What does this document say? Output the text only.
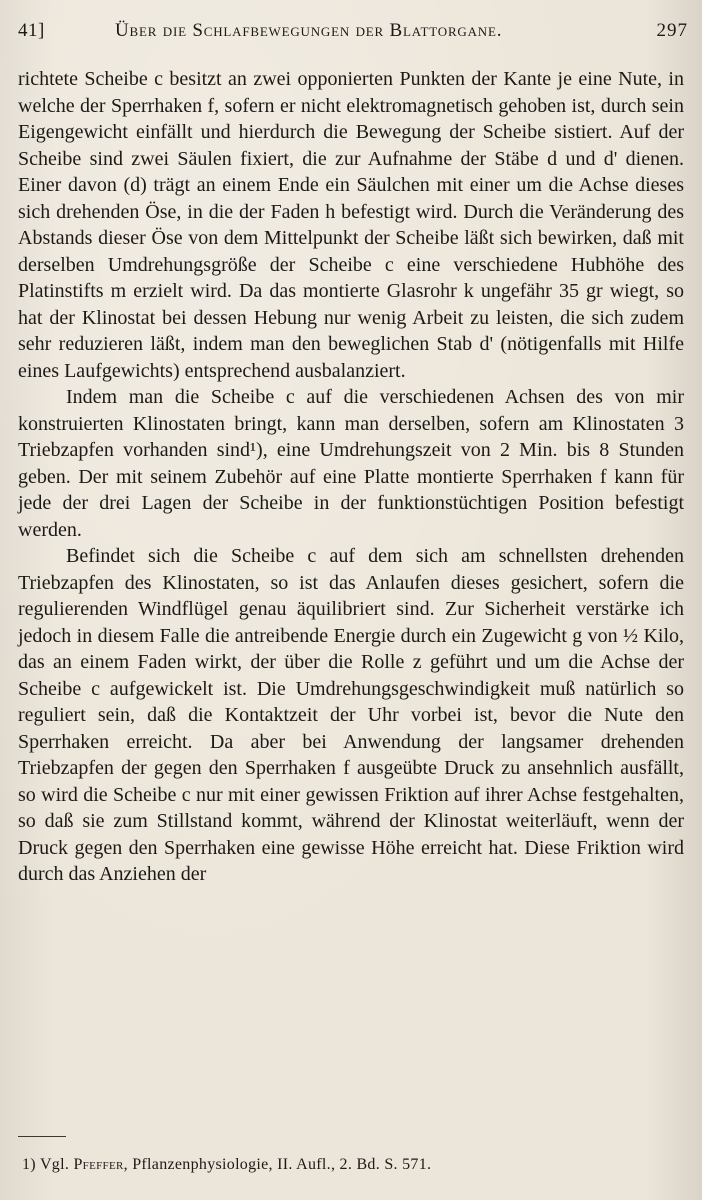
41]	Über die Schlafbewegungen der Blattorgane.	297

richtete Scheibe c besitzt an zwei opponierten Punkten der Kante je eine Nute, in welche der Sperrhaken f, sofern er nicht elektromagnetisch gehoben ist, durch sein Eigengewicht einfällt und hierdurch die Bewegung der Scheibe sistiert. Auf der Scheibe sind zwei Säulen fixiert, die zur Aufnahme der Stäbe d und d' dienen. Einer davon (d) trägt an einem Ende ein Säulchen mit einer um die Achse dieses sich drehenden Öse, in die der Faden h befestigt wird. Durch die Veränderung des Abstands dieser Öse von dem Mittelpunkt der Scheibe läßt sich bewirken, daß mit derselben Umdrehungsgröße der Scheibe c eine verschiedene Hubhöhe des Platinstifts m erzielt wird. Da das montierte Glasrohr k ungefähr 35 gr wiegt, so hat der Klinostat bei dessen Hebung nur wenig Arbeit zu leisten, die sich zudem sehr reduzieren läßt, indem man den beweglichen Stab d' (nötigenfalls mit Hilfe eines Laufgewichts) entsprechend ausbalanziert.

Indem man die Scheibe c auf die verschiedenen Achsen des von mir konstruierten Klinostaten bringt, kann man derselben, sofern am Klinostaten 3 Triebzapfen vorhanden sind¹), eine Umdrehungszeit von 2 Min. bis 8 Stunden geben. Der mit seinem Zubehör auf eine Platte montierte Sperrhaken f kann für jede der drei Lagen der Scheibe in der funktionstüchtigen Position befestigt werden.

Befindet sich die Scheibe c auf dem sich am schnellsten drehenden Triebzapfen des Klinostaten, so ist das Anlaufen dieses gesichert, sofern die regulierenden Windflügel genau äquilibriert sind. Zur Sicherheit verstärke ich jedoch in diesem Falle die antreibende Energie durch ein Zugewicht g von ½ Kilo, das an einem Faden wirkt, der über die Rolle z geführt und um die Achse der Scheibe c aufgewickelt ist. Die Umdrehungsgeschwindigkeit muß natürlich so reguliert sein, daß die Kontaktzeit der Uhr vorbei ist, bevor die Nute den Sperrhaken erreicht. Da aber bei Anwendung der langsamer drehenden Triebzapfen der gegen den Sperrhaken f ausgeübte Druck zu ansehnlich ausfällt, so wird die Scheibe c nur mit einer gewissen Friktion auf ihrer Achse festgehalten, so daß sie zum Stillstand kommt, während der Klinostat weiterläuft, wenn der Druck gegen den Sperrhaken eine gewisse Höhe erreicht hat. Diese Friktion wird durch das Anziehen der

1) Vgl. Pfeffer, Pflanzenphysiologie, II. Aufl., 2. Bd. S. 571.
